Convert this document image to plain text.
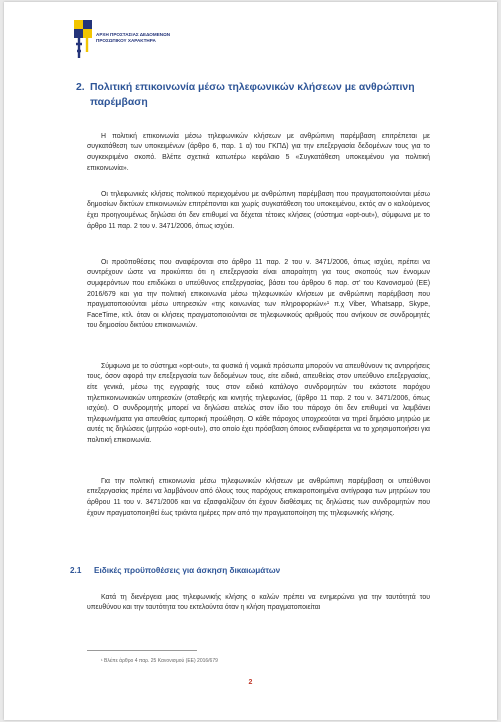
ΑΡΧΗ ΠΡΟΣΤΑΣΙΑΣ ΔΕΔΟΜΕΝΩΝ
ΠΡΟΣΩΠΙΚΟΥ ΧΑΡΑΚΤΗΡΑ
2. Πολιτική επικοινωνία μέσω τηλεφωνικών κλήσεων με ανθρώπινη
παρέμβαση

Η πολιτική επικοινωνία μέσω τηλεφωνικών κλήσεων με ανθρώπινη παρέμβαση επιτρέπεται με συγκατάθεση των υποκειμένων (άρθρο 6, παρ. 1 α) του ΓΚΠΔ) για την επεξεργασία δεδομένων τους για το συγκεκριμένο σκοπό. Βλέπε σχετικά κατωτέρω κεφάλαιο 5 «Συγκατάθεση υποκειμένου για πολιτική επικοινωνία».

Οι τηλεφωνικές κλήσεις πολιτικού περιεχομένου με ανθρώπινη παρέμβαση που πραγματοποιούνται μέσω δημοσίων δικτύων επικοινωνιών επιτρέπονται και χωρίς συγκατάθεση του υποκειμένου, εκτός αν ο καλούμενος έχει προηγουμένως δηλώσει ότι δεν επιθυμεί να δέχεται τέτοιες κλήσεις (σύστημα «opt-out»), σύμφωνα με το άρθρο 11 παρ. 2 του ν. 3471/2006, όπως ισχύει.

Οι προϋποθέσεις που αναφέρονται στο άρθρο 11 παρ. 2 του ν. 3471/2006, όπως ισχύει, πρέπει να συντρέχουν ώστε να προκύπτει ότι η επεξεργασία είναι απαραίτητη για τους σκοπούς των έννομων συμφερόντων που επιδιώκει ο υπεύθυνος επεξεργασίας, βάσει του άρθρου 6 παρ. στ' του Κανονισμού (ΕΕ) 2016/679 και για την πολιτική επικοινωνία μέσω τηλεφωνικών κλήσεων με ανθρώπινη παρέμβαση που πραγματοποιούνται μέσω υπηρεσιών «της κοινωνίας των πληροφοριών»¹ π.χ Viber, Whatsapp, Skype, FaceTime, κτλ. όταν οι κλήσεις πραγματοποιούνται σε τηλεφωνικούς αριθμούς που ανήκουν σε συνδρομητές του δημοσίου δικτύου επικοινωνιών.

Σύμφωνα με το σύστημα «opt-out», τα φυσικά ή νομικά πρόσωπα μπορούν να απευθύνουν τις αντιρρήσεις τους, όσον αφορά την επεξεργασία των δεδομένων τους, είτε ειδικά, απευθείας στον υπεύθυνο επεξεργασίας, είτε γενικά, μέσω της εγγραφής τους στον ειδικό κατάλογο συνδρομητών του εκάστοτε παρόχου τηλεπικοινωνιακών υπηρεσιών (σταθερής και κινητής τηλεφωνίας, (άρθρο 11 παρ. 2 του ν. 3471/2006, όπως ισχύει). Ο συνδρομητής μπορεί να δηλώσει ατελώς στον ίδιο του πάροχο ότι δεν επιθυμεί να λαμβάνει τηλεφωνήματα για απευθείας εμπορική προώθηση. Ο κάθε πάροχος υποχρεούται να τηρεί δημόσιο μητρώο με αυτές τις δηλώσεις (μητρώο «opt-out»), στο οποίο έχει πρόσβαση όποιος ενδιαφέρεται να το χρησιμοποιήσει για πολιτική επικοινωνία.

Για την πολιτική επικοινωνία μέσω τηλεφωνικών κλήσεων με ανθρώπινη παρέμβαση οι υπεύθυνοι επεξεργασίας πρέπει να λαμβάνουν από όλους τους παρόχους επικαιροποιημένα αντίγραφα των μητρώων του άρθρου 11 του ν. 3471/2006 και να εξασφαλίζουν ότι έχουν διαθέσιμες τις δηλώσεις των συνδρομητών που έχουν πραγματοποιηθεί έως τριάντα ημέρες πριν από την πραγματοποίηση της τηλεφωνικής κλήσης.

2.1 Ειδικές προϋποθέσεις για άσκηση δικαιωμάτων

Κατά τη διενέργεια μιας τηλεφωνικής κλήσης ο καλών πρέπει να ενημερώνει για την ταυτότητά του υπευθύνου και την ταυτότητα του εκτελούντα όταν η κλήση πραγματοποιείται

¹ Βλέπε άρθρο 4 παρ. 25 Κανονισμού (ΕΕ) 2016/679
2
